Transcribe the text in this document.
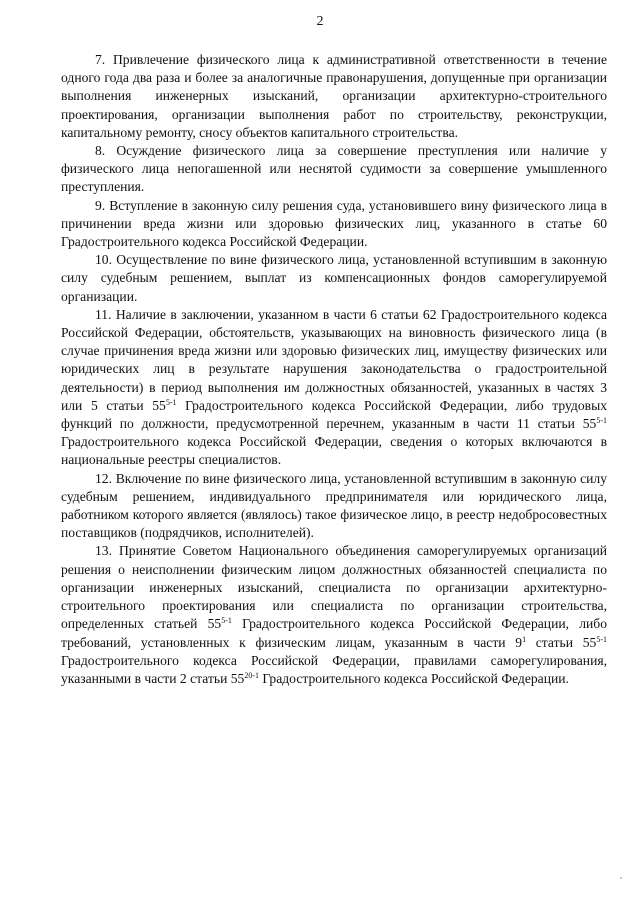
2

7. Привлечение физического лица к административной ответственности в течение одного года два раза и более за аналогичные правонарушения, допущенные при организации выполнения инженерных изысканий, организации архитектурно-строительного проектирования, организации выполнения работ по строительству, реконструкции, капитальному ремонту, сносу объектов капитального строительства.

8. Осуждение физического лица за совершение преступления или наличие у физического лица непогашенной или неснятой судимости за совершение умышленного преступления.

9. Вступление в законную силу решения суда, установившего вину физического лица в причинении вреда жизни или здоровью физических лиц, указанного в статье 60 Градостроительного кодекса Российской Федерации.

10. Осуществление по вине физического лица, установленной вступившим в законную силу судебным решением, выплат из компенсационных фондов саморегулируемой организации.

11. Наличие в заключении, указанном в части 6 статьи 62 Градостроительного кодекса Российской Федерации, обстоятельств, указывающих на виновность физического лица (в случае причинения вреда жизни или здоровью физических лиц, имуществу физических или юридических лиц в результате нарушения законодательства о градостроительной деятельности) в период выполнения им должностных обязанностей, указанных в частях 3 или 5 статьи 55$^{5-1}$ Градостроительного кодекса Российской Федерации, либо трудовых функций по должности, предусмотренной перечнем, указанным в части 11 статьи 55$^{5-1}$ Градостроительного кодекса Российской Федерации, сведения о которых включаются в национальные реестры специалистов.

12. Включение по вине физического лица, установленной вступившим в законную силу судебным решением, индивидуального предпринимателя или юридического лица, работником которого является (являлось) такое физическое лицо, в реестр недобросовестных поставщиков (подрядчиков, исполнителей).

13. Принятие Советом Национального объединения саморегулируемых организаций решения о неисполнении физическим лицом должностных обязанностей специалиста по организации инженерных изысканий, специалиста по организации архитектурно-строительного проектирования или специалиста по организации строительства, определенных статьей 55$^{5-1}$ Градостроительного кодекса Российской Федерации, либо требований, установленных к физическим лицам, указанным в части $9^1$ статьи 55$^{5-1}$ Градостроительного кодекса Российской Федерации, правилами саморегулирования, указанными в части 2 статьи 55$^{20-1}$ Градостроительного кодекса Российской Федерации.
